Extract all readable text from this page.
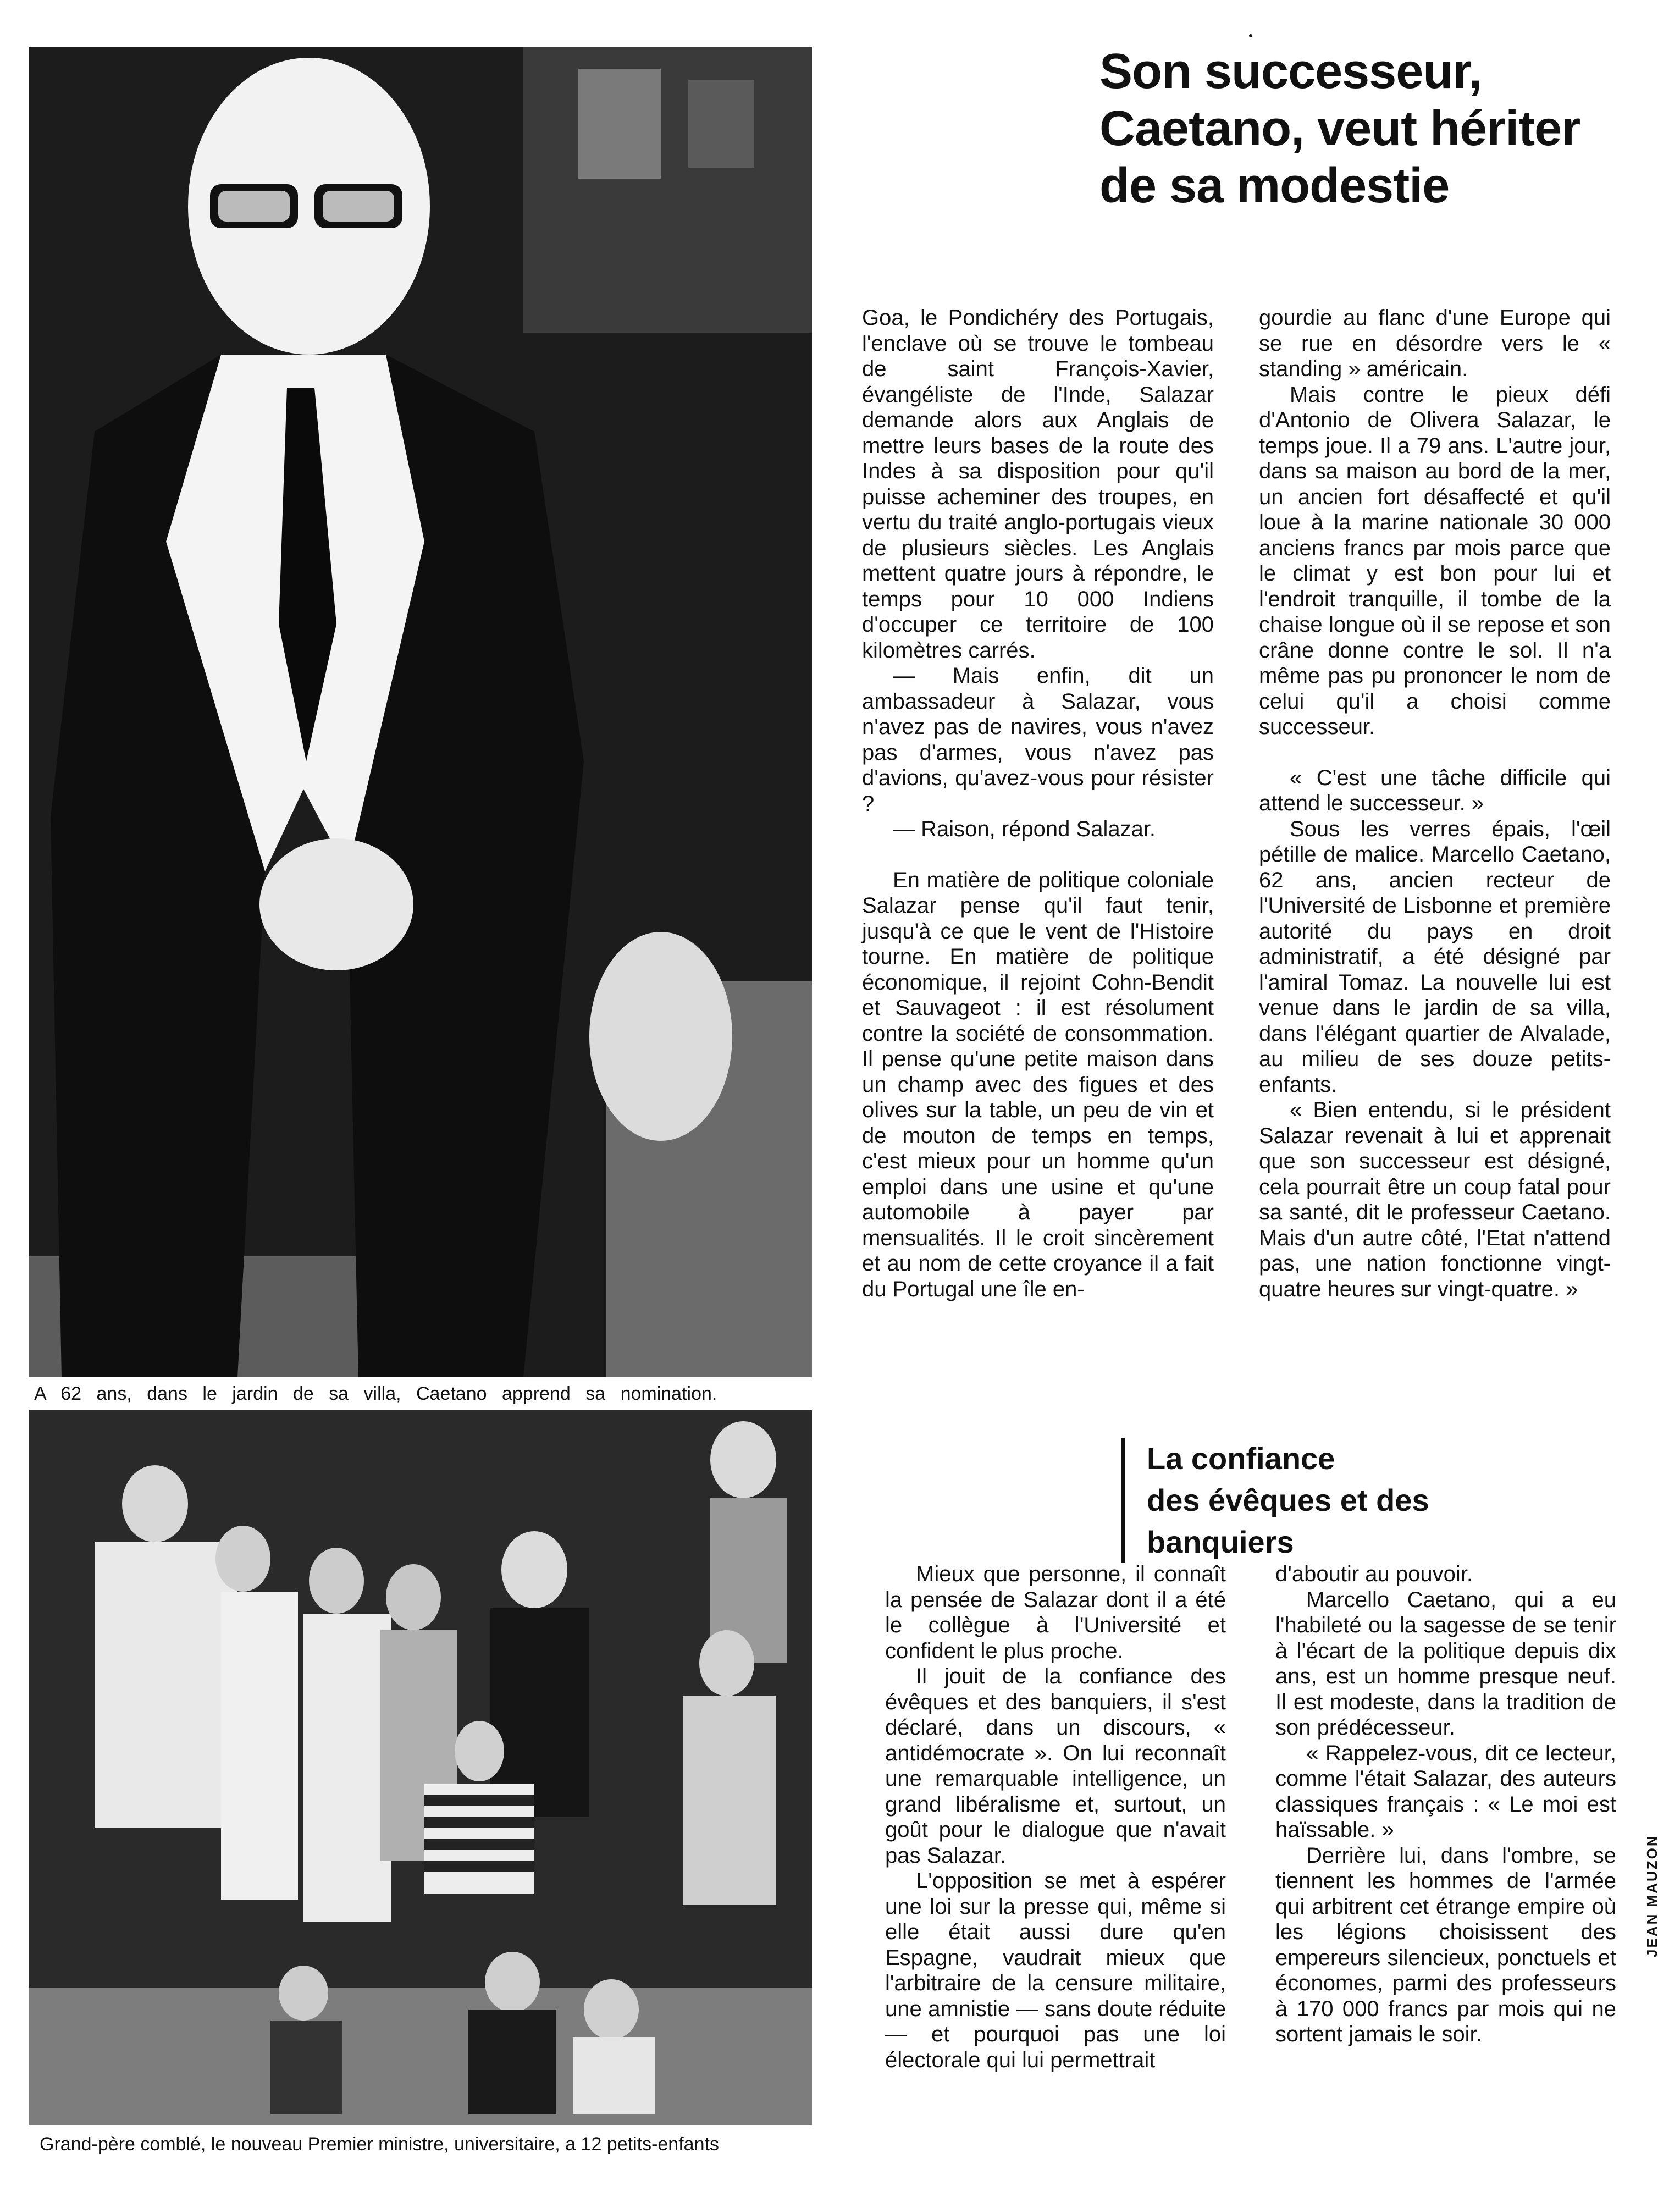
A 62 ans, dans le jardin de sa villa, Caetano apprend sa nomination.
Grand-père comblé, le nouveau Premier ministre, universitaire, a 12 petits-enfants
Son successeur,
Caetano, veut hériter
de sa modestie

Goa, le Pondichéry des Portugais, l'enclave où se trouve le tombeau de saint François-Xavier, évangéliste de l'Inde, Salazar demande alors aux Anglais de mettre leurs bases de la route des Indes à sa disposition pour qu'il puisse acheminer des troupes, en vertu du traité anglo-portugais vieux de plusieurs siècles. Les Anglais mettent quatre jours à répondre, le temps pour 10 000 Indiens d'occuper ce territoire de 100 kilomètres carrés.

— Mais enfin, dit un ambassadeur à Salazar, vous n'avez pas de navires, vous n'avez pas d'armes, vous n'avez pas d'avions, qu'avez-vous pour résister ?

— Raison, répond Salazar.

En matière de politique coloniale Salazar pense qu'il faut tenir, jusqu'à ce que le vent de l'Histoire tourne. En matière de politique économique, il rejoint Cohn-Bendit et Sauvageot : il est résolument contre la société de consommation. Il pense qu'une petite maison dans un champ avec des figues et des olives sur la table, un peu de vin et de mouton de temps en temps, c'est mieux pour un homme qu'un emploi dans une usine et qu'une automobile à payer par mensualités. Il le croit sincèrement et au nom de cette croyance il a fait du Portugal une île en-

gourdie au flanc d'une Europe qui se rue en désordre vers le « standing » américain.

Mais contre le pieux défi d'Antonio de Olivera Salazar, le temps joue. Il a 79 ans. L'autre jour, dans sa maison au bord de la mer, un ancien fort désaffecté et qu'il loue à la marine nationale 30 000 anciens francs par mois parce que le climat y est bon pour lui et l'endroit tranquille, il tombe de la chaise longue où il se repose et son crâne donne contre le sol. Il n'a même pas pu prononcer le nom de celui qu'il a choisi comme successeur.

« C'est une tâche difficile qui attend le successeur. »

Sous les verres épais, l'œil pétille de malice. Marcello Caetano, 62 ans, ancien recteur de l'Université de Lisbonne et première autorité du pays en droit administratif, a été désigné par l'amiral Tomaz. La nouvelle lui est venue dans le jardin de sa villa, dans l'élégant quartier de Alvalade, au milieu de ses douze petits-enfants.

« Bien entendu, si le président Salazar revenait à lui et apprenait que son successeur est désigné, cela pourrait être un coup fatal pour sa santé, dit le professeur Caetano. Mais d'un autre côté, l'Etat n'attend pas, une nation fonctionne vingt-quatre heures sur vingt-quatre. »

La confiance
des évêques et des
banquiers

Mieux que personne, il connaît la pensée de Salazar dont il a été le collègue à l'Université et confident le plus proche.

Il jouit de la confiance des évêques et des banquiers, il s'est déclaré, dans un discours, « antidémocrate ». On lui reconnaît une remarquable intelligence, un grand libéralisme et, surtout, un goût pour le dialogue que n'avait pas Salazar.

L'opposition se met à espérer une loi sur la presse qui, même si elle était aussi dure qu'en Espagne, vaudrait mieux que l'arbitraire de la censure militaire, une amnistie — sans doute réduite — et pourquoi pas une loi électorale qui lui permettrait

d'aboutir au pouvoir.

Marcello Caetano, qui a eu l'habileté ou la sagesse de se tenir à l'écart de la politique depuis dix ans, est un homme presque neuf. Il est modeste, dans la tradition de son prédécesseur.

« Rappelez-vous, dit ce lecteur, comme l'était Salazar, des auteurs classiques français : « Le moi est haïssable. »

Derrière lui, dans l'ombre, se tiennent les hommes de l'armée qui arbitrent cet étrange empire où les légions choisissent des empereurs silencieux, ponctuels et économes, parmi des professeurs à 170 000 francs par mois qui ne sortent jamais le soir.

JEAN MAUZON
